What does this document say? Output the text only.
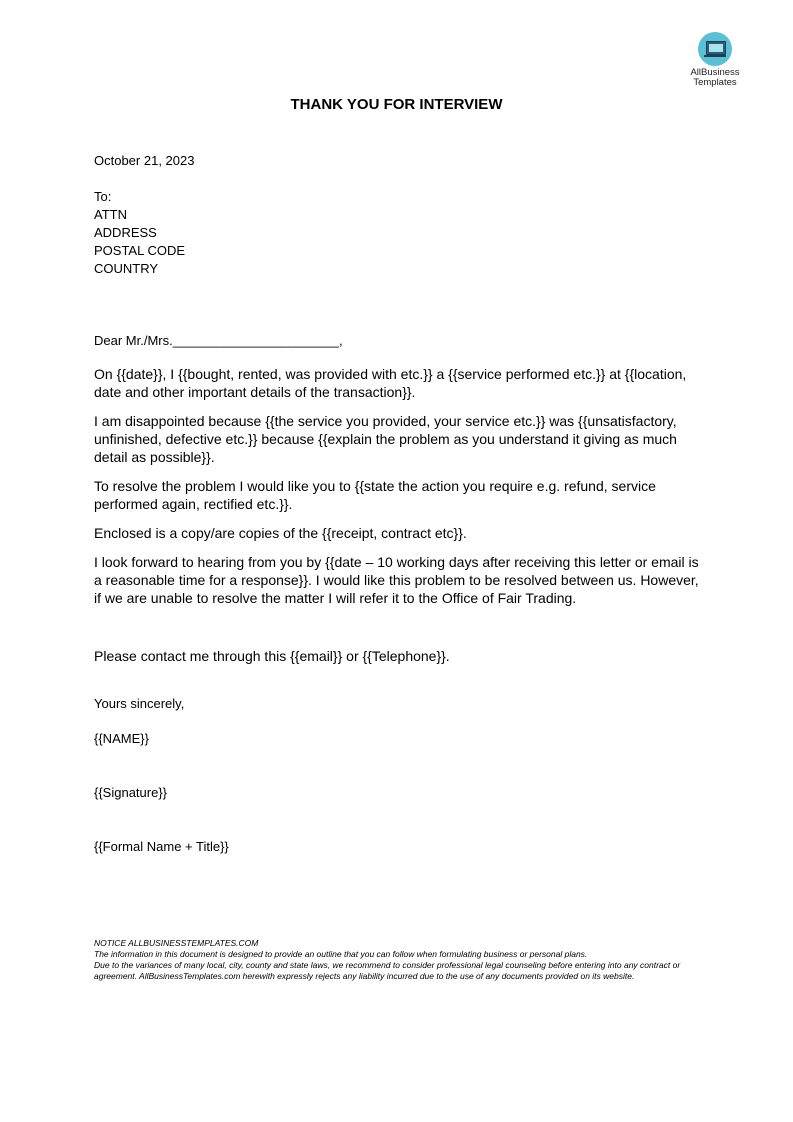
AllBusiness
Templates
THANK YOU FOR INTERVIEW
October 21, 2023
To:
ATTN
ADDRESS
POSTAL CODE
COUNTRY
Dear Mr./Mrs._______________________,
On {{date}}, I {{bought, rented, was provided with etc.}} a {{service performed etc.}} at {{location, date and other important details of the transaction}}.
I am disappointed because {{the service you provided, your service etc.}} was {{unsatisfactory, unfinished, defective etc.}} because {{explain the problem as you understand it giving as much detail as possible}}.
To resolve the problem I would like you to {{state the action you require e.g. refund, service performed again, rectified etc.}}.
Enclosed is a copy/are copies of the {{receipt, contract etc}}.
I look forward to hearing from you by {{date – 10 working days after receiving this letter or email is a reasonable time for a response}}. I would like this problem to be resolved between us. However, if we are unable to resolve the matter I will refer it to the Office of Fair Trading.
Please contact me through this {{email}} or {{Telephone}}.
Yours sincerely,
{{NAME}}
{{Signature}}
{{Formal Name + Title}}
NOTICE ALLBUSINESSTEMPLATES.COM
The information in this document is designed to provide an outline that you can follow when formulating business or personal plans.
Due to the variances of many local, city, county and state laws, we recommend to consider professional legal counseling before entering into any contract or agreement. AllBusinessTemplates.com herewith expressly rejects any liability incurred due to the use of any documents provided on its website.
